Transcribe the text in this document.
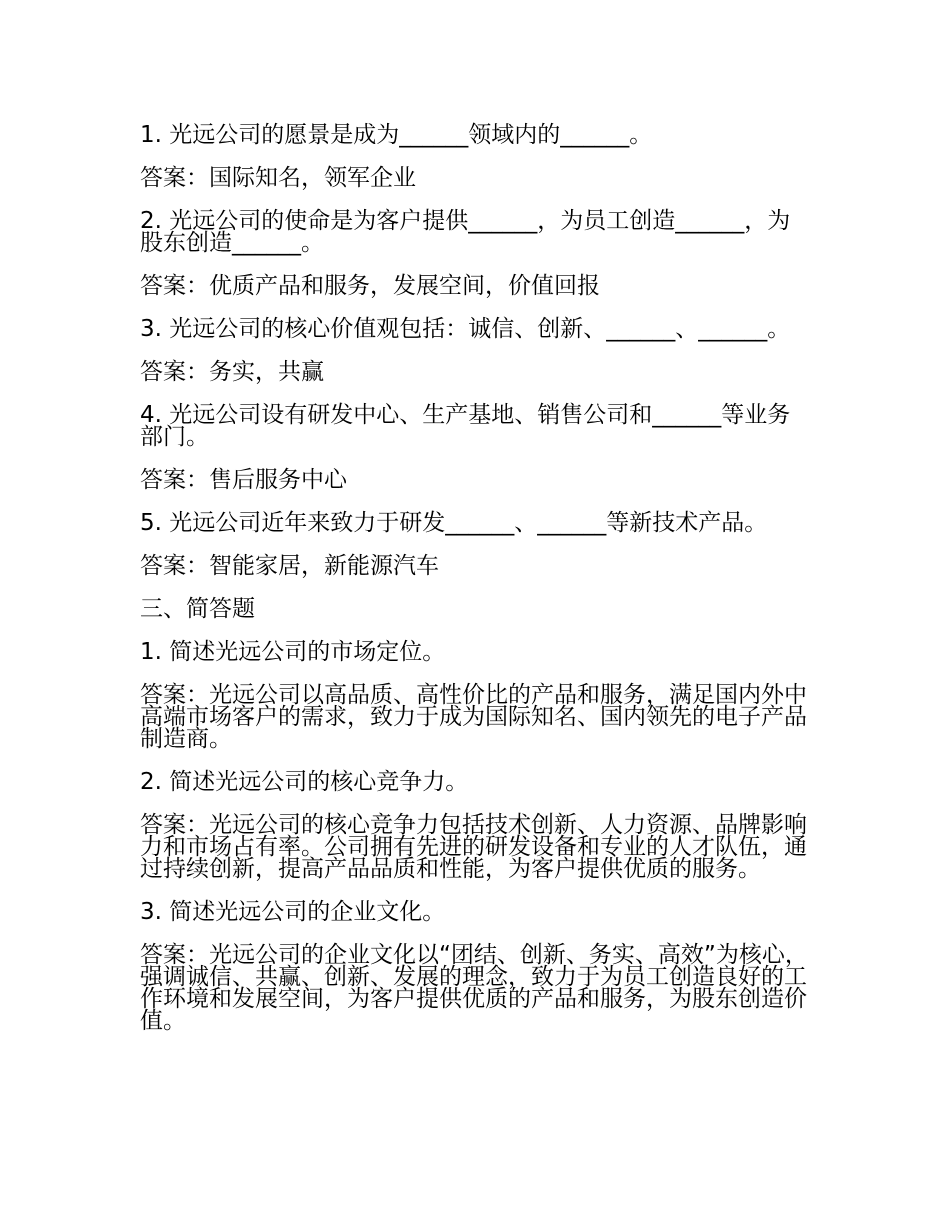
1. 光远公司的愿景是成为______领域内的______。

答案：国际知名，领军企业

2. 光远公司的使命是为客户提供______，为员工创造______，为股东创造______。

答案：优质产品和服务，发展空间，价值回报

3. 光远公司的核心价值观包括：诚信、创新、______、______。

答案：务实，共赢

4. 光远公司设有研发中心、生产基地、销售公司和______等业务部门。

答案：售后服务中心

5. 光远公司近年来致力于研发______、______等新技术产品。

答案：智能家居，新能源汽车

三、简答题

1. 简述光远公司的市场定位。

答案：光远公司以高品质、高性价比的产品和服务，满足国内外中高端市场客户的需求，致力于成为国际知名、国内领先的电子产品制造商。

2. 简述光远公司的核心竞争力。

答案：光远公司的核心竞争力包括技术创新、人力资源、品牌影响力和市场占有率。公司拥有先进的研发设备和专业的人才队伍，通过持续创新，提高产品品质和性能，为客户提供优质的服务。

3. 简述光远公司的企业文化。

答案：光远公司的企业文化以“团结、创新、务实、高效”为核心，强调诚信、共赢、创新、发展的理念，致力于为员工创造良好的工作环境和发展空间，为客户提供优质的产品和服务，为股东创造价值。
